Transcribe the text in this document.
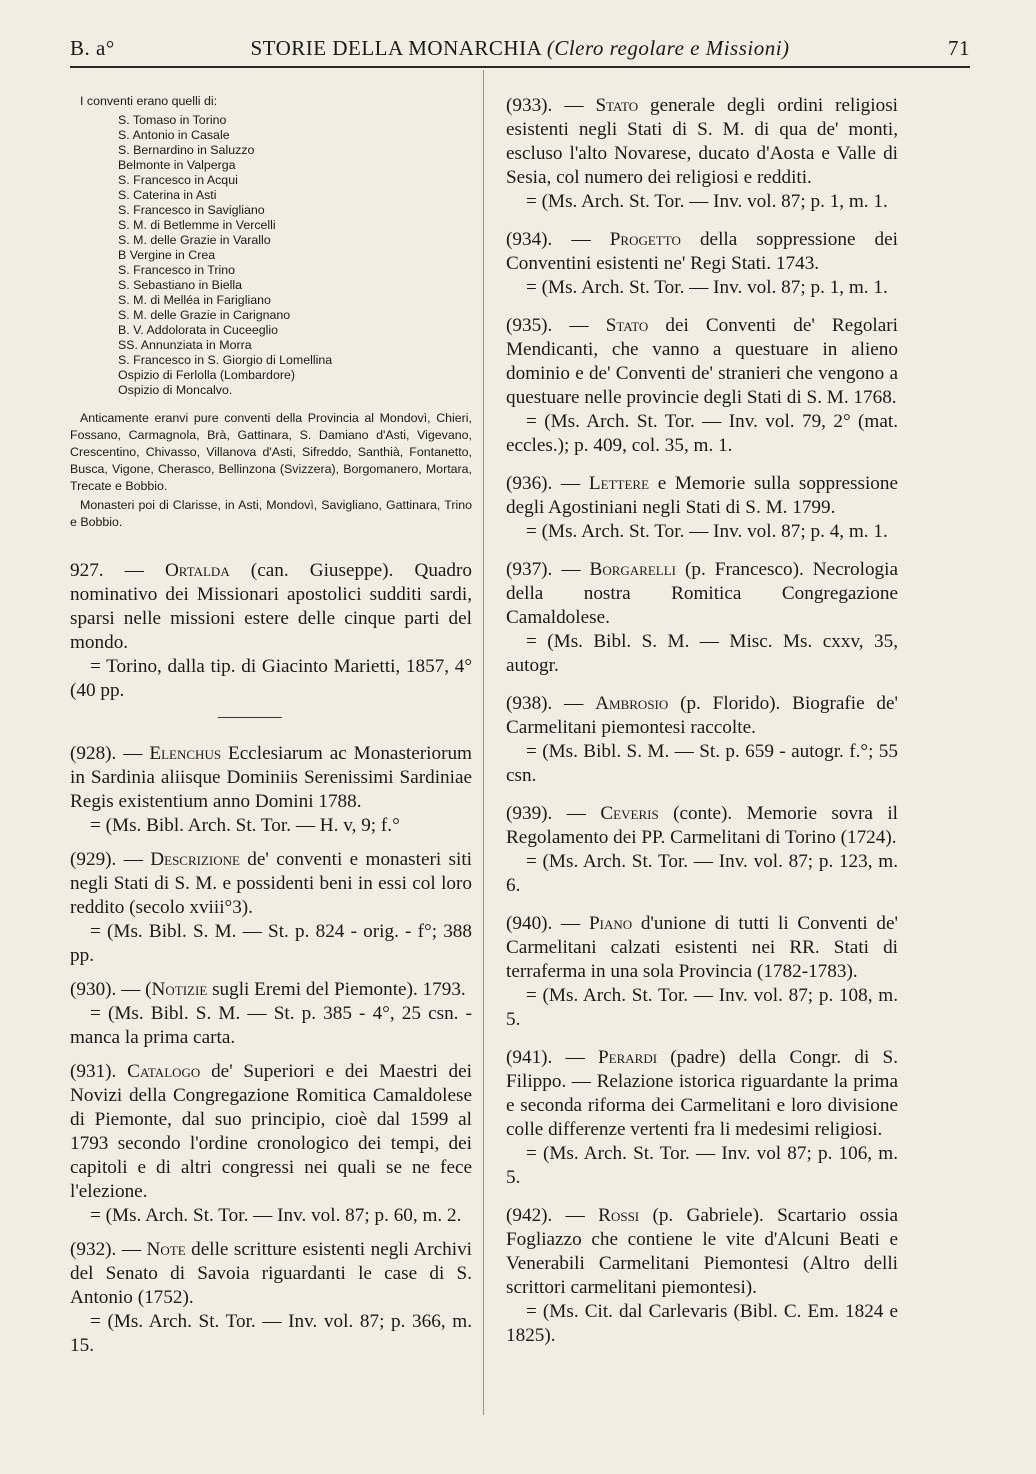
B. a°	STORIE DELLA MONARCHIA (Clero regolare e Missioni)	71
I conventi erano quelli di:
S. Tomaso in Torino
S. Antonio in Casale
S. Bernardino in Saluzzo
Belmonte in Valperga
S. Francesco in Acqui
S. Caterina in Asti
S. Francesco in Savigliano
S. M. di Betlemme in Vercelli
S. M. delle Grazie in Varallo
B Vergine in Crea
S. Francesco in Trino
S. Sebastiano in Biella
S. M. di Melléa in Farigliano
S. M. delle Grazie in Carignano
B. V. Addolorata in Cuceeglio
SS. Annunziata in Morra
S. Francesco in S. Giorgio di Lomellina
Ospizio di Ferlolla (Lombardore)
Ospizio di Moncalvo.

Anticamente eranvi pure conventi della Provincia al Mondovì, Chieri, Fossano, Carmagnola, Brà, Gattinara, S. Damiano d'Asti, Vigevano, Crescentino, Chivasso, Villanova d'Asti, Sifreddo, Santhià, Fontanetto, Busca, Vigone, Cherasco, Bellinzona (Svizzera), Borgomanero, Mortara, Trecate e Bobbio.

Monasteri poi di Clarisse, in Asti, Mondovì, Savigliano, Gattinara, Trino e Bobbio.

927. — Ortalda (can. Giuseppe). Quadro nominativo dei Missionari apostolici sudditi sardi, sparsi nelle missioni estere delle cinque parti del mondo.
= Torino, dalla tip. di Giacinto Marietti, 1857, 4° (40 pp.

(928). — Elenchus Ecclesiarum ac Monasteriorum in Sardinia aliisque Dominiis Serenissimi Sardiniae Regis existentium anno Domini 1788.
= (Ms. Bibl. Arch. St. Tor. — H. v, 9; f.°

(929). — Descrizione de' conventi e monasteri siti negli Stati di S. M. e possidenti beni in essi col loro reddito (secolo xviii°3).
= (Ms. Bibl. S. M. — St. p. 824 - orig. - f°; 388 pp.

(930). — (Notizie sugli Eremi del Piemonte). 1793.
= (Ms. Bibl. S. M. — St. p. 385 - 4°, 25 csn. - manca la prima carta.

(931). Catalogo de' Superiori e dei Maestri dei Novizi della Congregazione Romitica Camaldolese di Piemonte, dal suo principio, cioè dal 1599 al 1793 secondo l'ordine cronologico dei tempi, dei capitoli e di altri congressi nei quali se ne fece l'elezione.
= (Ms. Arch. St. Tor. — Inv. vol. 87; p. 60, m. 2.

(932). — Note delle scritture esistenti negli Archivi del Senato di Savoia riguardanti le case di S. Antonio (1752).
= (Ms. Arch. St. Tor. — Inv. vol. 87; p. 366, m. 15.

(933). — Stato generale degli ordini religiosi esistenti negli Stati di S. M. di qua de' monti, escluso l'alto Novarese, ducato d'Aosta e Valle di Sesia, col numero dei religiosi e redditi.
= (Ms. Arch. St. Tor. — Inv. vol. 87; p. 1, m. 1.

(934). — Progetto della soppressione dei Conventini esistenti ne' Regi Stati. 1743.
= (Ms. Arch. St. Tor. — Inv. vol. 87; p. 1, m. 1.

(935). — Stato dei Conventi de' Regolari Mendicanti, che vanno a questuare in alieno dominio e de' Conventi de' stranieri che vengono a questuare nelle provincie degli Stati di S. M. 1768.
= (Ms. Arch. St. Tor. — Inv. vol. 79, 2° (mat. eccles.); p. 409, col. 35, m. 1.

(936). — Lettere e Memorie sulla soppressione degli Agostiniani negli Stati di S. M. 1799.
= (Ms. Arch. St. Tor. — Inv. vol. 87; p. 4, m. 1.

(937). — Borgarelli (p. Francesco). Necrologia della nostra Romitica Congregazione Camaldolese.
= (Ms. Bibl. S. M. — Misc. Ms. cxxv, 35, autogr.

(938). — Ambrosio (p. Florido). Biografie de' Carmelitani piemontesi raccolte.
= (Ms. Bibl. S. M. — St. p. 659 - autogr. f.°; 55 csn.

(939). — Ceveris (conte). Memorie sovra il Regolamento dei PP. Carmelitani di Torino (1724).
= (Ms. Arch. St. Tor. — Inv. vol. 87; p. 123, m. 6.

(940). — Piano d'unione di tutti li Conventi de' Carmelitani calzati esistenti nei RR. Stati di terraferma in una sola Provincia (1782-1783).
= (Ms. Arch. St. Tor. — Inv. vol. 87; p. 108, m. 5.

(941). — Perardi (padre) della Congr. di S. Filippo. — Relazione istorica riguardante la prima e seconda riforma dei Carmelitani e loro divisione colle differenze vertenti fra li medesimi religiosi.
= (Ms. Arch. St. Tor. — Inv. vol 87; p. 106, m. 5.

(942). — Rossi (p. Gabriele). Scartario ossia Fogliazzo che contiene le vite d'Alcuni Beati e Venerabili Carmelitani Piemontesi (Altro delli scrittori carmelitani piemontesi).
= (Ms. Cit. dal Carlevaris (Bibl. C. Em. 1824 e 1825).
